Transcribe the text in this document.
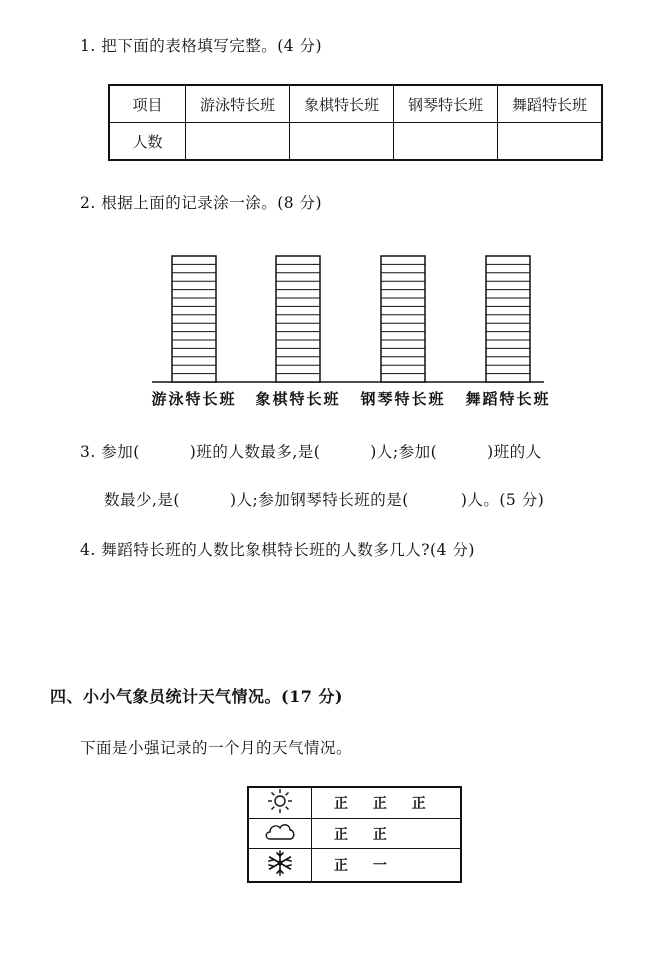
1. 把下面的表格填写完整。(4 分)
项目	游泳特长班	象棋特长班	钢琴特长班	舞蹈特长班
人数				
2. 根据上面的记录涂一涂。(8 分)
游泳特长班 象棋特长班 钢琴特长班 舞蹈特长班
3. 参加(	)班的人数最多,是(	)人;参加(	)班的人
数最少,是(	)人;参加钢琴特长班的是(	)人。(5 分)
4. 舞蹈特长班的人数比象棋特长班的人数多几人?(4 分)
四、小小气象员统计天气情况。(17 分)
下面是小强记录的一个月的天气情况。
	正 正 正
	正 正
	正 一
